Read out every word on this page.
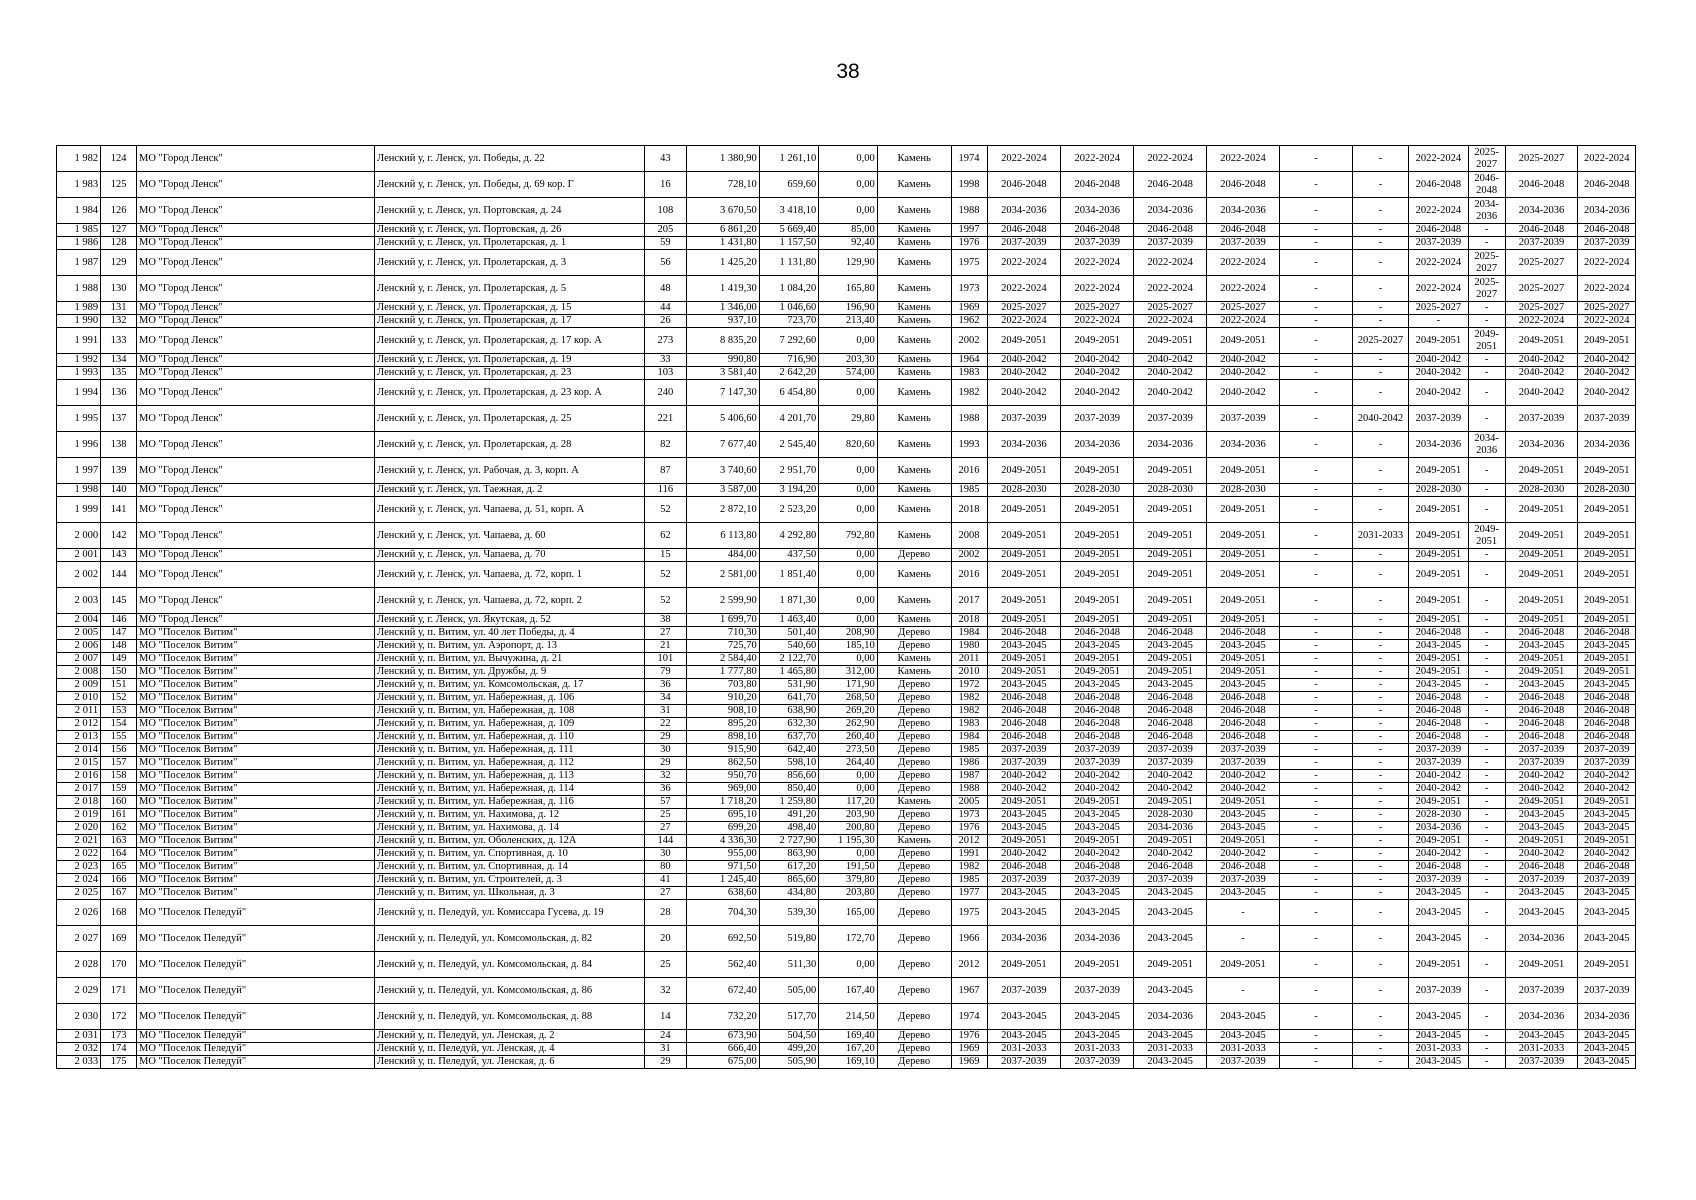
38
1 982	124	МО "Город Ленск"	Ленский у, г. Ленск, ул. Победы, д. 22	43	1 380,90	1 261,10	0,00	Камень	1974	2022-2024	2022-2024	2022-2024	2022-2024	-	-	2022-2024	2025-2027	2025-2027	2022-2024
1 983	125	МО "Город Ленск"	Ленский у, г. Ленск, ул. Победы, д. 69 кор. Г	16	728,10	659,60	0,00	Камень	1998	2046-2048	2046-2048	2046-2048	2046-2048	-	-	2046-2048	2046-2048	2046-2048	2046-2048
1 984	126	МО "Город Ленск"	Ленский у, г. Ленск, ул. Портовская, д. 24	108	3 670,50	3 418,10	0,00	Камень	1988	2034-2036	2034-2036	2034-2036	2034-2036	-	-	2022-2024	2034-2036	2034-2036	2034-2036
1 985	127	МО "Город Ленск"	Ленский у, г. Ленск, ул. Портовская, д. 26	205	6 861,20	5 669,40	85,00	Камень	1997	2046-2048	2046-2048	2046-2048	2046-2048	-	-	2046-2048	-	2046-2048	2046-2048
1 986	128	МО "Город Ленск"	Ленский у, г. Ленск, ул. Пролетарская, д. 1	59	1 431,80	1 157,50	92,40	Камень	1976	2037-2039	2037-2039	2037-2039	2037-2039	-	-	2037-2039	-	2037-2039	2037-2039
1 987	129	МО "Город Ленск"	Ленский у, г. Ленск, ул. Пролетарская, д. 3	56	1 425,20	1 131,80	129,90	Камень	1975	2022-2024	2022-2024	2022-2024	2022-2024	-	-	2022-2024	2025-2027	2025-2027	2022-2024
1 988	130	МО "Город Ленск"	Ленский у, г. Ленск, ул. Пролетарская, д. 5	48	1 419,30	1 084,20	165,80	Камень	1973	2022-2024	2022-2024	2022-2024	2022-2024	-	-	2022-2024	2025-2027	2025-2027	2022-2024
1 989	131	МО "Город Ленск"	Ленский у, г. Ленск, ул. Пролетарская, д. 15	44	1 346,00	1 046,60	196,90	Камень	1969	2025-2027	2025-2027	2025-2027	2025-2027	-	-	2025-2027	-	2025-2027	2025-2027
1 990	132	МО "Город Ленск"	Ленский у, г. Ленск, ул. Пролетарская, д. 17	26	937,10	723,70	213,40	Камень	1962	2022-2024	2022-2024	2022-2024	2022-2024	-	-	-	-	2022-2024	2022-2024
1 991	133	МО "Город Ленск"	Ленский у, г. Ленск, ул. Пролетарская, д. 17 кор. А	273	8 835,20	7 292,60	0,00	Камень	2002	2049-2051	2049-2051	2049-2051	2049-2051	-	2025-2027	2049-2051	2049-2051	2049-2051	2049-2051
1 992	134	МО "Город Ленск"	Ленский у, г. Ленск, ул. Пролетарская, д. 19	33	990,80	716,90	203,30	Камень	1964	2040-2042	2040-2042	2040-2042	2040-2042	-	-	2040-2042	-	2040-2042	2040-2042
1 993	135	МО "Город Ленск"	Ленский у, г. Ленск, ул. Пролетарская, д. 23	103	3 581,40	2 642,20	574,00	Камень	1983	2040-2042	2040-2042	2040-2042	2040-2042	-	-	2040-2042	-	2040-2042	2040-2042
1 994	136	МО "Город Ленск"	Ленский у, г. Ленск, ул. Пролетарская, д. 23 кор. А	240	7 147,30	6 454,80	0,00	Камень	1982	2040-2042	2040-2042	2040-2042	2040-2042	-	-	2040-2042	-	2040-2042	2040-2042
1 995	137	МО "Город Ленск"	Ленский у, г. Ленск, ул. Пролетарская, д. 25	221	5 406,60	4 201,70	29,80	Камень	1988	2037-2039	2037-2039	2037-2039	2037-2039	-	2040-2042	2037-2039	-	2037-2039	2037-2039
1 996	138	МО "Город Ленск"	Ленский у, г. Ленск, ул. Пролетарская, д. 28	82	7 677,40	2 545,40	820,60	Камень	1993	2034-2036	2034-2036	2034-2036	2034-2036	-	-	2034-2036	2034-2036	2034-2036	2034-2036
1 997	139	МО "Город Ленск"	Ленский у, г. Ленск, ул. Рабочая, д. 3, корп. А	87	3 740,60	2 951,70	0,00	Камень	2016	2049-2051	2049-2051	2049-2051	2049-2051	-	-	2049-2051	-	2049-2051	2049-2051
1 998	140	МО "Город Ленск"	Ленский у, г. Ленск, ул. Таежная, д. 2	116	3 587,00	3 194,20	0,00	Камень	1985	2028-2030	2028-2030	2028-2030	2028-2030	-	-	2028-2030	-	2028-2030	2028-2030
1 999	141	МО "Город Ленск"	Ленский у, г. Ленск, ул. Чапаева, д. 51, корп. А	52	2 872,10	2 523,20	0,00	Камень	2018	2049-2051	2049-2051	2049-2051	2049-2051	-	-	2049-2051	-	2049-2051	2049-2051
2 000	142	МО "Город Ленск"	Ленский у, г. Ленск, ул. Чапаева, д. 60	62	6 113,80	4 292,80	792,80	Камень	2008	2049-2051	2049-2051	2049-2051	2049-2051	-	2031-2033	2049-2051	2049-2051	2049-2051	2049-2051
2 001	143	МО "Город Ленск"	Ленский у, г. Ленск, ул. Чапаева, д. 70	15	484,00	437,50	0,00	Дерево	2002	2049-2051	2049-2051	2049-2051	2049-2051	-	-	2049-2051	-	2049-2051	2049-2051
2 002	144	МО "Город Ленск"	Ленский у, г. Ленск, ул. Чапаева, д. 72, корп. 1	52	2 581,00	1 851,40	0,00	Камень	2016	2049-2051	2049-2051	2049-2051	2049-2051	-	-	2049-2051	-	2049-2051	2049-2051
2 003	145	МО "Город Ленск"	Ленский у, г. Ленск, ул. Чапаева, д. 72, корп. 2	52	2 599,90	1 871,30	0,00	Камень	2017	2049-2051	2049-2051	2049-2051	2049-2051	-	-	2049-2051	-	2049-2051	2049-2051
2 004	146	МО "Город Ленск"	Ленский у, г. Ленск, ул. Якутская, д. 52	38	1 699,70	1 463,40	0,00	Камень	2018	2049-2051	2049-2051	2049-2051	2049-2051	-	-	2049-2051	-	2049-2051	2049-2051
2 005	147	МО "Поселок Витим"	Ленский у, п. Витим, ул. 40 лет Победы, д. 4	27	710,30	501,40	208,90	Дерево	1984	2046-2048	2046-2048	2046-2048	2046-2048	-	-	2046-2048	-	2046-2048	2046-2048
2 006	148	МО "Поселок Витим"	Ленский у, п. Витим, ул. Аэропорт, д. 13	21	725,70	540,60	185,10	Дерево	1980	2043-2045	2043-2045	2043-2045	2043-2045	-	-	2043-2045	-	2043-2045	2043-2045
2 007	149	МО "Поселок Витим"	Ленский у, п. Витим, ул. Вычужина, д. 21	101	2 584,40	2 122,70	0,00	Камень	2011	2049-2051	2049-2051	2049-2051	2049-2051	-	-	2049-2051	-	2049-2051	2049-2051
2 008	150	МО "Поселок Витим"	Ленский у, п. Витим, ул. Дружбы, д. 9	79	1 777,80	1 465,80	312,00	Камень	2010	2049-2051	2049-2051	2049-2051	2049-2051	-	-	2049-2051	-	2049-2051	2049-2051
2 009	151	МО "Поселок Витим"	Ленский у, п. Витим, ул. Комсомольская, д. 17	36	703,80	531,90	171,90	Дерево	1972	2043-2045	2043-2045	2043-2045	2043-2045	-	-	2043-2045	-	2043-2045	2043-2045
2 010	152	МО "Поселок Витим"	Ленский у, п. Витим, ул. Набережная, д. 106	34	910,20	641,70	268,50	Дерево	1982	2046-2048	2046-2048	2046-2048	2046-2048	-	-	2046-2048	-	2046-2048	2046-2048
2 011	153	МО "Поселок Витим"	Ленский у, п. Витим, ул. Набережная, д. 108	31	908,10	638,90	269,20	Дерево	1982	2046-2048	2046-2048	2046-2048	2046-2048	-	-	2046-2048	-	2046-2048	2046-2048
2 012	154	МО "Поселок Витим"	Ленский у, п. Витим, ул. Набережная, д. 109	22	895,20	632,30	262,90	Дерево	1983	2046-2048	2046-2048	2046-2048	2046-2048	-	-	2046-2048	-	2046-2048	2046-2048
2 013	155	МО "Поселок Витим"	Ленский у, п. Витим, ул. Набережная, д. 110	29	898,10	637,70	260,40	Дерево	1984	2046-2048	2046-2048	2046-2048	2046-2048	-	-	2046-2048	-	2046-2048	2046-2048
2 014	156	МО "Поселок Витим"	Ленский у, п. Витим, ул. Набережная, д. 111	30	915,90	642,40	273,50	Дерево	1985	2037-2039	2037-2039	2037-2039	2037-2039	-	-	2037-2039	-	2037-2039	2037-2039
2 015	157	МО "Поселок Витим"	Ленский у, п. Витим, ул. Набережная, д. 112	29	862,50	598,10	264,40	Дерево	1986	2037-2039	2037-2039	2037-2039	2037-2039	-	-	2037-2039	-	2037-2039	2037-2039
2 016	158	МО "Поселок Витим"	Ленский у, п. Витим, ул. Набережная, д. 113	32	950,70	856,60	0,00	Дерево	1987	2040-2042	2040-2042	2040-2042	2040-2042	-	-	2040-2042	-	2040-2042	2040-2042
2 017	159	МО "Поселок Витим"	Ленский у, п. Витим, ул. Набережная, д. 114	36	969,00	850,40	0,00	Дерево	1988	2040-2042	2040-2042	2040-2042	2040-2042	-	-	2040-2042	-	2040-2042	2040-2042
2 018	160	МО "Поселок Витим"	Ленский у, п. Витим, ул. Набережная, д. 116	57	1 718,20	1 259,80	117,20	Камень	2005	2049-2051	2049-2051	2049-2051	2049-2051	-	-	2049-2051	-	2049-2051	2049-2051
2 019	161	МО "Поселок Витим"	Ленский у, п. Витим, ул. Нахимова, д. 12	25	695,10	491,20	203,90	Дерево	1973	2043-2045	2043-2045	2028-2030	2043-2045	-	-	2028-2030	-	2043-2045	2043-2045
2 020	162	МО "Поселок Витим"	Ленский у, п. Витим, ул. Нахимова, д. 14	27	699,20	498,40	200,80	Дерево	1976	2043-2045	2043-2045	2034-2036	2043-2045	-	-	2034-2036	-	2043-2045	2043-2045
2 021	163	МО "Поселок Витим"	Ленский у, п. Витим, ул. Оболенских, д. 12А	144	4 336,30	2 727,90	1 195,30	Камень	2012	2049-2051	2049-2051	2049-2051	2049-2051	-	-	2049-2051	-	2049-2051	2049-2051
2 022	164	МО "Поселок Витим"	Ленский у, п. Витим, ул. Спортивная, д. 10	30	955,00	863,90	0,00	Дерево	1991	2040-2042	2040-2042	2040-2042	2040-2042	-	-	2040-2042	-	2040-2042	2040-2042
2 023	165	МО "Поселок Витим"	Ленский у, п. Витим, ул. Спортивная, д. 14	80	971,50	617,20	191,50	Дерево	1982	2046-2048	2046-2048	2046-2048	2046-2048	-	-	2046-2048	-	2046-2048	2046-2048
2 024	166	МО "Поселок Витим"	Ленский у, п. Витим, ул. Строителей, д. 3	41	1 245,40	865,60	379,80	Дерево	1985	2037-2039	2037-2039	2037-2039	2037-2039	-	-	2037-2039	-	2037-2039	2037-2039
2 025	167	МО "Поселок Витим"	Ленский у, п. Витим, ул. Школьная, д. 3	27	638,60	434,80	203,80	Дерево	1977	2043-2045	2043-2045	2043-2045	2043-2045	-	-	2043-2045	-	2043-2045	2043-2045
2 026	168	МО "Поселок Пеледуй"	Ленский у, п. Пеледуй, ул. Комиссара Гусева, д. 19	28	704,30	539,30	165,00	Дерево	1975	2043-2045	2043-2045	2043-2045	-	-	-	2043-2045	-	2043-2045	2043-2045
2 027	169	МО "Поселок Пеледуй"	Ленский у, п. Пеледуй, ул. Комсомольская, д. 82	20	692,50	519,80	172,70	Дерево	1966	2034-2036	2034-2036	2043-2045	-	-	-	2043-2045	-	2034-2036	2043-2045
2 028	170	МО "Поселок Пеледуй"	Ленский у, п. Пеледуй, ул. Комсомольская, д. 84	25	562,40	511,30	0,00	Дерево	2012	2049-2051	2049-2051	2049-2051	2049-2051	-	-	2049-2051	-	2049-2051	2049-2051
2 029	171	МО "Поселок Пеледуй"	Ленский у, п. Пеледуй, ул. Комсомольская, д. 86	32	672,40	505,00	167,40	Дерево	1967	2037-2039	2037-2039	2043-2045	-	-	-	2037-2039	-	2037-2039	2037-2039
2 030	172	МО "Поселок Пеледуй"	Ленский у, п. Пеледуй, ул. Комсомольская, д. 88	14	732,20	517,70	214,50	Дерево	1974	2043-2045	2043-2045	2034-2036	2043-2045	-	-	2043-2045	-	2034-2036	2034-2036
2 031	173	МО "Поселок Пеледуй"	Ленский у, п. Пеледуй, ул. Ленская, д. 2	24	673,90	504,50	169,40	Дерево	1976	2043-2045	2043-2045	2043-2045	2043-2045	-	-	2043-2045	-	2043-2045	2043-2045
2 032	174	МО "Поселок Пеледуй"	Ленский у, п. Пеледуй, ул. Ленская, д. 4	31	666,40	499,20	167,20	Дерево	1969	2031-2033	2031-2033	2031-2033	2031-2033	-	-	2031-2033	-	2031-2033	2043-2045
2 033	175	МО "Поселок Пеледуй"	Ленский у, п. Пеледуй, ул. Ленская, д. 6	29	675,00	505,90	169,10	Дерево	1969	2037-2039	2037-2039	2043-2045	2037-2039	-	-	2043-2045	-	2037-2039	2043-2045
